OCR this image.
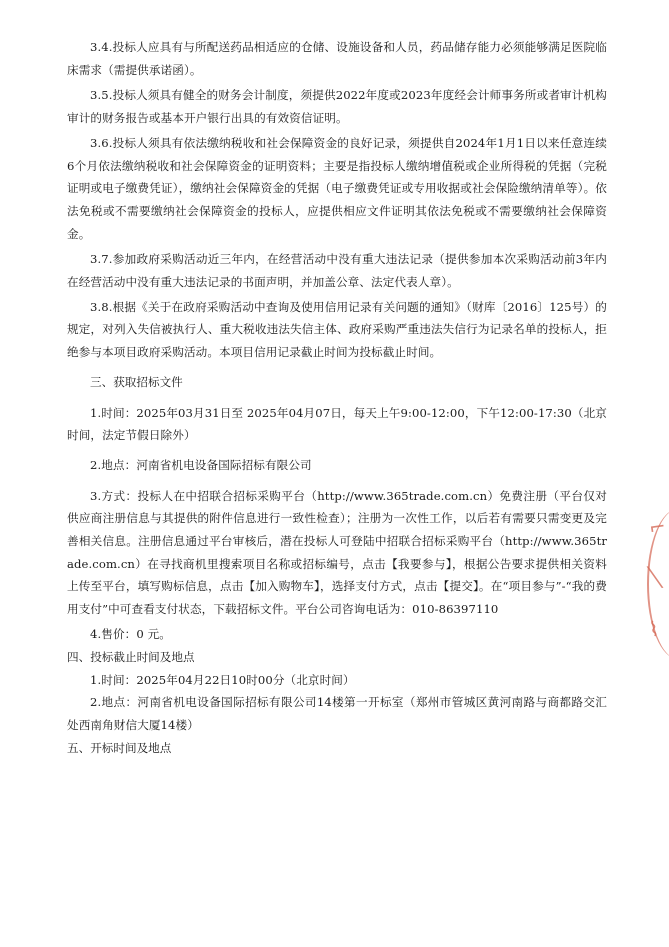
3.4.投标人应具有与所配送药品相适应的仓储、设施设备和人员，药品储存能力必须能够满足医院临床需求（需提供承诺函）。

3.5.投标人须具有健全的财务会计制度，须提供2022年度或2023年度经会计师事务所或者审计机构审计的财务报告或基本开户银行出具的有效资信证明。

3.6.投标人须具有依法缴纳税收和社会保障资金的良好记录，须提供自2024年1月1日以来任意连续6个月依法缴纳税收和社会保障资金的证明资料；主要是指投标人缴纳增值税或企业所得税的凭据（完税证明或电子缴费凭证），缴纳社会保障资金的凭据（电子缴费凭证或专用收据或社会保险缴纳清单等）。依法免税或不需要缴纳社会保障资金的投标人，应提供相应文件证明其依法免税或不需要缴纳社会保障资金。

3.7.参加政府采购活动近三年内，在经营活动中没有重大违法记录（提供参加本次采购活动前3年内在经营活动中没有重大违法记录的书面声明，并加盖公章、法定代表人章）。

3.8.根据《关于在政府采购活动中查询及使用信用记录有关问题的通知》（财库〔2016〕125号）的规定，对列入失信被执行人、重大税收违法失信主体、政府采购严重违法失信行为记录名单的投标人，拒绝参与本项目政府采购活动。本项目信用记录截止时间为投标截止时间。

三、获取招标文件

1.时间：2025年03月31日至 2025年04月07日，每天上午9:00-12:00，下午12:00-17:30（北京时间，法定节假日除外）

2.地点：河南省机电设备国际招标有限公司

3.方式：投标人在中招联合招标采购平台（http://www.365trade.com.cn）免费注册（平台仅对供应商注册信息与其提供的附件信息进行一致性检查）；注册为一次性工作，以后若有需要只需变更及完善相关信息。注册信息通过平台审核后，潜在投标人可登陆中招联合招标采购平台（http://www.365trade.com.cn）在寻找商机里搜索项目名称或招标编号，点击【我要参与】，根据公告要求提供相关资料上传至平台，填写购标信息，点击【加入购物车】，选择支付方式，点击【提交】。在“项目参与”-“我的费用支付”中可查看支付状态，下载招标文件。平台公司咨询电话为：010-86397110

4.售价：0 元。

四、投标截止时间及地点

1.时间：2025年04月22日10时00分（北京时间）

2.地点：河南省机电设备国际招标有限公司14楼第一开标室（郑州市管城区黄河南路与商都路交汇处西南角财信大厦14楼）

五、开标时间及地点

⌐
╲
⌇
